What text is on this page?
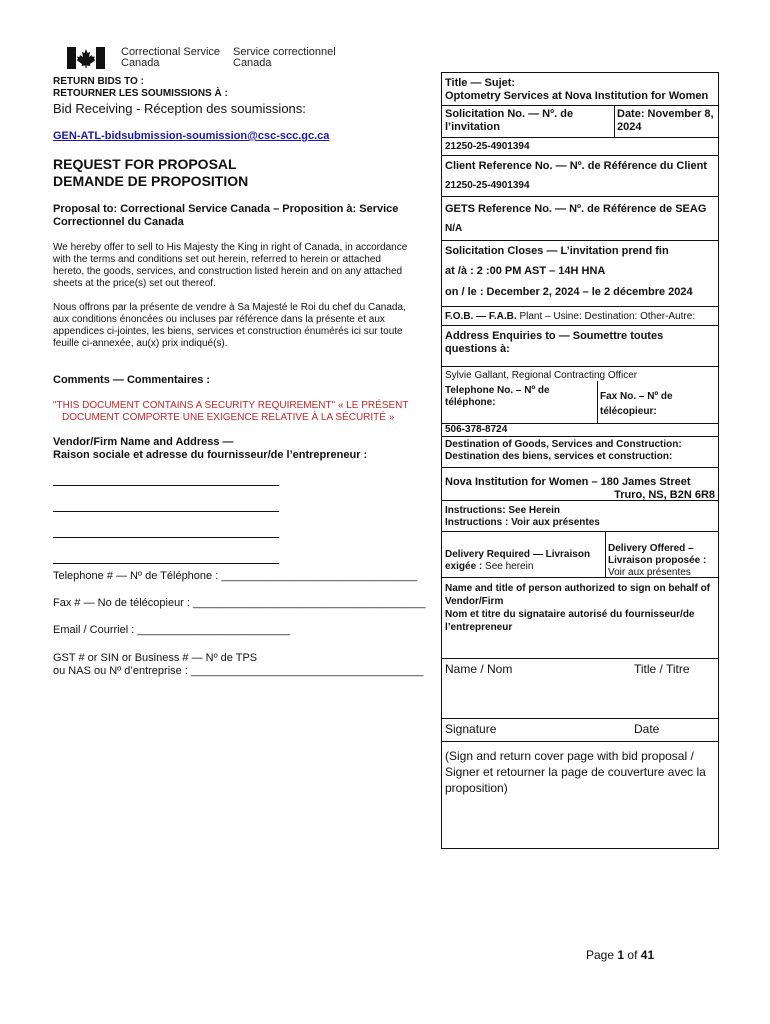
Correctional Service
Canada
Service correctionnel
Canada
RETURN BIDS TO :
RETOURNER LES SOUMISSIONS À :
Bid Receiving - Réception des soumissions:
GEN-ATL-bidsubmission-soumission@csc-scc.gc.ca
REQUEST FOR PROPOSAL
DEMANDE DE PROPOSITION
Proposal to: Correctional Service Canada – Proposition à: Service
Correctionnel du Canada
We hereby offer to sell to His Majesty the King in right of Canada, in accordance
with the terms and conditions set out herein, referred to herein or attached
hereto, the goods, services, and construction listed herein and on any attached
sheets at the price(s) set out thereof.
Nous offrons par la présente de vendre à Sa Majesté le Roi du chef du Canada,
aux conditions énoncées ou incluses par référence dans la présente et aux
appendices ci-jointes, les biens, services et construction énumérés ici sur toute
feuille ci-annexée, au(x) prix indiqué(s).
Comments — Commentaires :
"THIS DOCUMENT CONTAINS A SECURITY REQUIREMENT" « LE PRÉSENT
DOCUMENT COMPORTE UNE EXIGENCE RELATIVE À LA SÉCURITÉ »
Vendor/Firm Name and Address —
Raison sociale et adresse du fournisseur/de l’entrepreneur :
Telephone # — Nº de Téléphone : ________________________________
Fax # — No de télécopieur : ______________________________________
Email / Courriel : _________________________
GST # or SIN or Business # — Nº de TPS
ou NAS ou Nº d’entreprise : ______________________________________
Title — Sujet:
Optometry Services at Nova Institution for Women
Solicitation No. — Nº. de
l’invitation
Date: November 8,
2024
21250-25-4901394
Client Reference No. — Nº. de Référence du Client
21250-25-4901394
GETS Reference No. — Nº. de Référence de SEAG
N/A
Solicitation Closes — L’invitation prend fin
at /à : 2 :00 PM AST – 14H HNA
on / le : December 2, 2024 – le 2 décembre 2024
F.O.B. — F.A.B. Plant – Usine: Destination: Other-Autre:
Address Enquiries to — Soumettre toutes
questions à:
Sylvie Gallant, Regional Contracting Officer
Telephone No. – Nº de
téléphone:
Fax No. – Nº de
télécopieur:
506-378-8724
Destination of Goods, Services and Construction:
Destination des biens, services et construction:
Nova Institution for Women – 180 James Street
Truro, NS, B2N 6R8
Instructions: See Herein
Instructions : Voir aux présentes
Delivery Required — Livraison
exigée : See herein
Delivery Offered –
Livraison proposée :
Voir aux présentes
Name and title of person authorized to sign on behalf of
Vendor/Firm
Nom et titre du signataire autorisé du fournisseur/de
l’entrepreneur
Name / Nom	Title / Titre
Signature	Date
(Sign and return cover page with bid proposal /
Signer et retourner la page de couverture avec la
proposition)
Page 1 of 41
